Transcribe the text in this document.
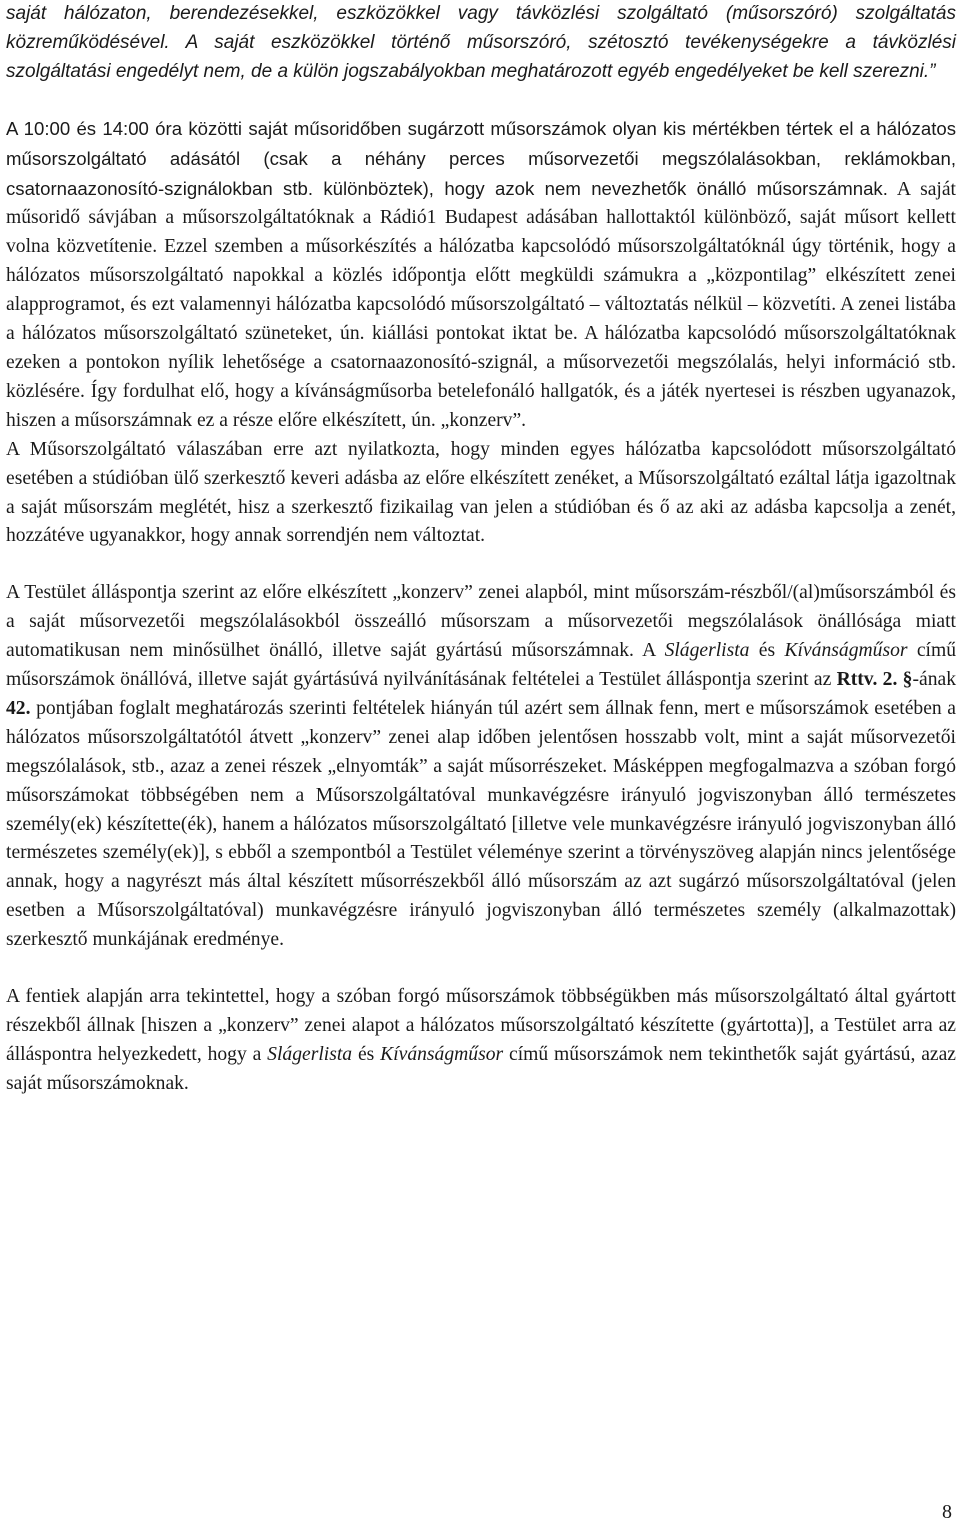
saját hálózaton, berendezésekkel, eszközökkel vagy távközlési szolgáltató (műsorszóró) szolgáltatás közreműködésével. A saját eszközökkel történő műsorszóró, szétosztó tevékenységekre a távközlési szolgáltatási engedélyt nem, de a külön jogszabályokban meghatározott egyéb engedélyeket be kell szerezni.”

A 10:00 és 14:00 óra közötti saját műsoridőben sugárzott műsorszámok olyan kis mértékben tértek el a hálózatos műsorszolgáltató adásától (csak a néhány perces műsorvezetői megszólalásokban, reklámokban, csatornaazonosító-szignálokban stb. különböztek), hogy azok nem nevezhetők önálló műsorszámnak. A saját műsoridő sávjában a műsorszolgáltatóknak a Rádió1 Budapest adásában hallottaktól különböző, saját műsort kellett volna közvetítenie. Ezzel szemben a műsorkészítés a hálózatba kapcsolódó műsorszolgáltatóknál úgy történik, hogy a hálózatos műsorszolgáltató napokkal a közlés időpontja előtt megküldi számukra a „központilag” elkészített zenei alapprogramot, és ezt valamennyi hálózatba kapcsolódó műsorszolgáltató – változtatás nélkül – közvetíti. A zenei listába a hálózatos műsorszolgáltató szüneteket, ún. kiállási pontokat iktat be. A hálózatba kapcsolódó műsorszolgáltatóknak ezeken a pontokon nyílik lehetősége a csatornaazonosító-szignál, a műsorvezetői megszólalás, helyi információ stb. közlésére. Így fordulhat elő, hogy a kívánságműsorba betelefonáló hallgatók, és a játék nyertesei is részben ugyanazok, hiszen a műsorszámnak ez a része előre elkészített, ún. „konzerv”.

A Műsorszolgáltató válaszában erre azt nyilatkozta, hogy minden egyes hálózatba kapcsolódott műsorszolgáltató esetében a stúdióban ülő szerkesztő keveri adásba az előre elkészített zenéket, a Műsorszolgáltató ezáltal látja igazoltnak a saját műsorszám meglétét, hisz a szerkesztő fizikailag van jelen a stúdióban és ő az aki az adásba kapcsolja a zenét, hozzátéve ugyanakkor, hogy annak sorrendjén nem változtat.

A Testület álláspontja szerint az előre elkészített „konzerv” zenei alapból, mint műsorszám-részből/(al)műsorszámból és a saját műsorvezetői megszólalásokból összeálló műsorszam a műsorvezetői megszólalások önállósága miatt automatikusan nem minősülhet önálló, illetve saját gyártású műsorszámnak. A Slágerlista és Kívánságműsor című műsorszámok önállóvá, illetve saját gyártásúvá nyilvánításának feltételei a Testület álláspontja szerint az Rttv. 2. §-ának 42. pontjában foglalt meghatározás szerinti feltételek hiányán túl azért sem állnak fenn, mert e műsorszámok esetében a hálózatos műsorszolgáltatótól átvett „konzerv” zenei alap időben jelentősen hosszabb volt, mint a saját műsorvezetői megszólalások, stb., azaz a zenei részek „elnyomták” a saját műsorrészeket. Másképpen megfogalmazva a szóban forgó műsorszámokat többségében nem a Műsorszolgáltatóval munkavégzésre irányuló jogviszonyban álló természetes személy(ek) készítette(ék), hanem a hálózatos műsorszolgáltató [illetve vele munkavégzésre irányuló jogviszonyban álló természetes személy(ek)], s ebből a szempontból a Testület véleménye szerint a törvényszöveg alapján nincs jelentősége annak, hogy a nagyrészt más által készített műsorrészekből álló műsorszám az azt sugárzó műsorszolgáltatóval (jelen esetben a Műsorszolgáltatóval) munkavégzésre irányuló jogviszonyban álló természetes személy (alkalmazottak) szerkesztő munkájának eredménye.

A fentiek alapján arra tekintettel, hogy a szóban forgó műsorszámok többségükben más műsorszolgáltató által gyártott részekből állnak [hiszen a „konzerv” zenei alapot a hálózatos műsorszolgáltató készítette (gyártotta)], a Testület arra az álláspontra helyezkedett, hogy a Slágerlista és Kívánságműsor című műsorszámok nem tekinthetők saját gyártású, azaz saját műsorszámoknak.

8
